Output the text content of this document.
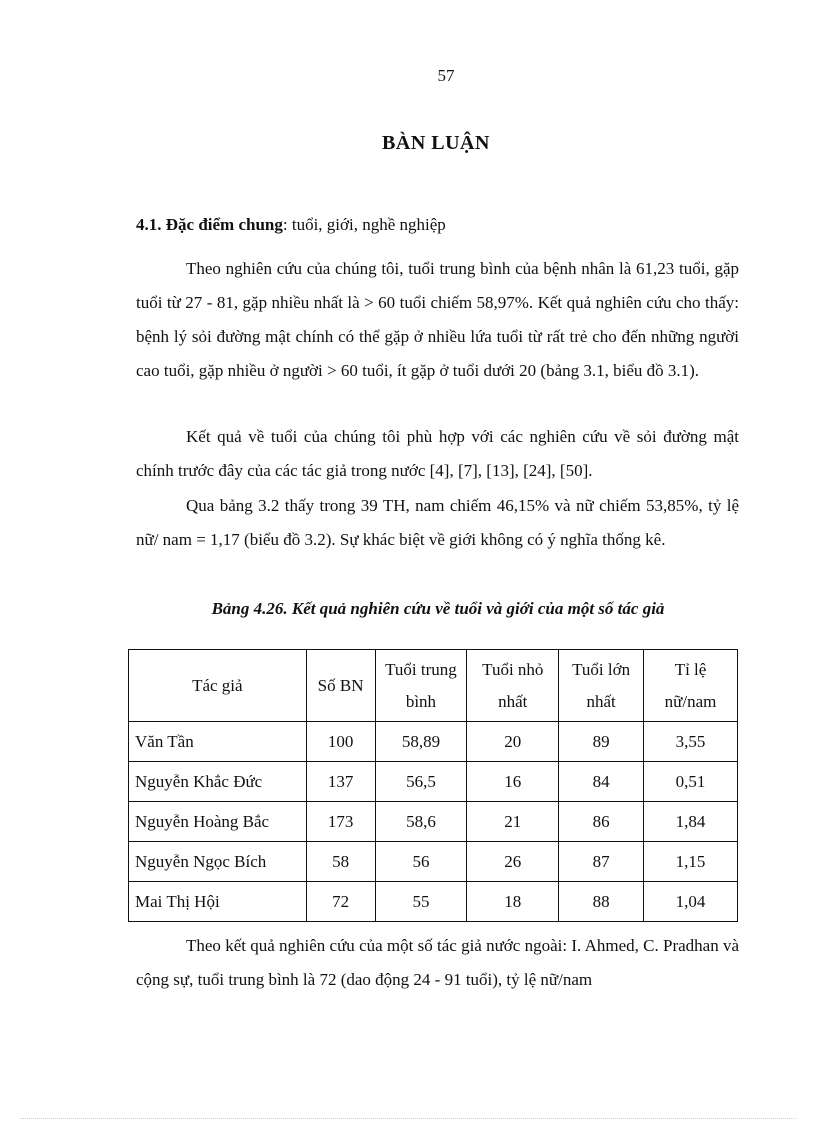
57
BÀN LUẬN
4.1. Đặc điểm chung: tuổi, giới, nghề nghiệp

Theo nghiên cứu của chúng tôi, tuổi trung bình của bệnh nhân là 61,23 tuổi, gặp tuổi từ 27 - 81, gặp nhiều nhất là > 60 tuổi chiếm 58,97%. Kết quả nghiên cứu cho thấy: bệnh lý sỏi đường mật chính có thể gặp ở nhiều lứa tuổi từ rất trẻ cho đến những người cao tuổi, gặp nhiều ở người > 60 tuổi, ít gặp ở tuổi dưới 20 (bảng 3.1, biểu đồ 3.1).

Kết quả về tuổi của chúng tôi phù hợp với các nghiên cứu về sỏi đường mật chính trước đây của các tác giả trong nước [4], [7], [13], [24], [50].

Qua bảng 3.2 thấy trong 39 TH, nam chiếm 46,15% và nữ chiếm 53,85%, tỷ lệ nữ/ nam = 1,17 (biểu đồ 3.2). Sự khác biệt về giới không có ý nghĩa thống kê.

Bảng 4.26. Kết quả nghiên cứu về tuổi và giới của một số tác giả
Tác giả	Số BN	Tuổi trung bình	Tuổi nhỏ nhất	Tuổi lớn nhất	Tỉ lệ nữ/nam
Văn Tần	100	58,89	20	89	3,55
Nguyễn Khắc Đức	137	56,5	16	84	0,51
Nguyễn Hoàng Bắc	173	58,6	21	86	1,84
Nguyễn Ngọc Bích	58	56	26	87	1,15
Mai Thị Hội	72	55	18	88	1,04

Theo kết quả nghiên cứu của một số tác giả nước ngoài: I. Ahmed, C. Pradhan và cộng sự, tuổi trung bình là 72 (dao động 24 - 91 tuổi), tỷ lệ nữ/nam
